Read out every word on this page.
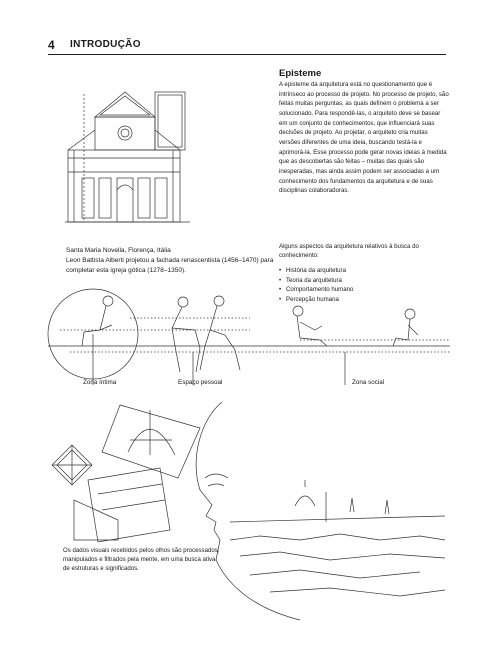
4 INTRODUÇÃO
Episteme

A episteme da arquitetura está no questionamento que é intrínseco ao processo de projeto. No processo de projeto, são feitas muitas perguntas, as quais definem o problema a ser solucionado. Para respondê-las, o arquiteto deve se basear em um conjunto de conhecimentos, que influenciará suas decisões de projeto. Ao projetar, o arquiteto cria muitas versões diferentes de uma ideia, buscando testá-la e aprimorá-la. Esse processo pode gerar novas ideias à medida que as descobertas são feitas – muitas das quais são inesperadas, mas ainda assim podem ser associadas a um conhecimento dos fundamentos da arquitetura e de suas disciplinas colaboradoras.

Alguns aspectos da arquitetura relativos à busca do conhecimento:
• História da arquitetura
• Teoria da arquitetura
• Comportamento humano
• Percepção humana
Santa Maria Novella, Florença, Itália
Leon Battista Alberti projetou a fachada renascentista (1456–1470) para completar esta igreja gótica (1278–1350).
Zona íntima	Espaço pessoal	Zona social
Os dados visuais recebidos pelos olhos são processados, manipulados e filtrados pela mente, em uma busca ativa de estruturas e significados.
